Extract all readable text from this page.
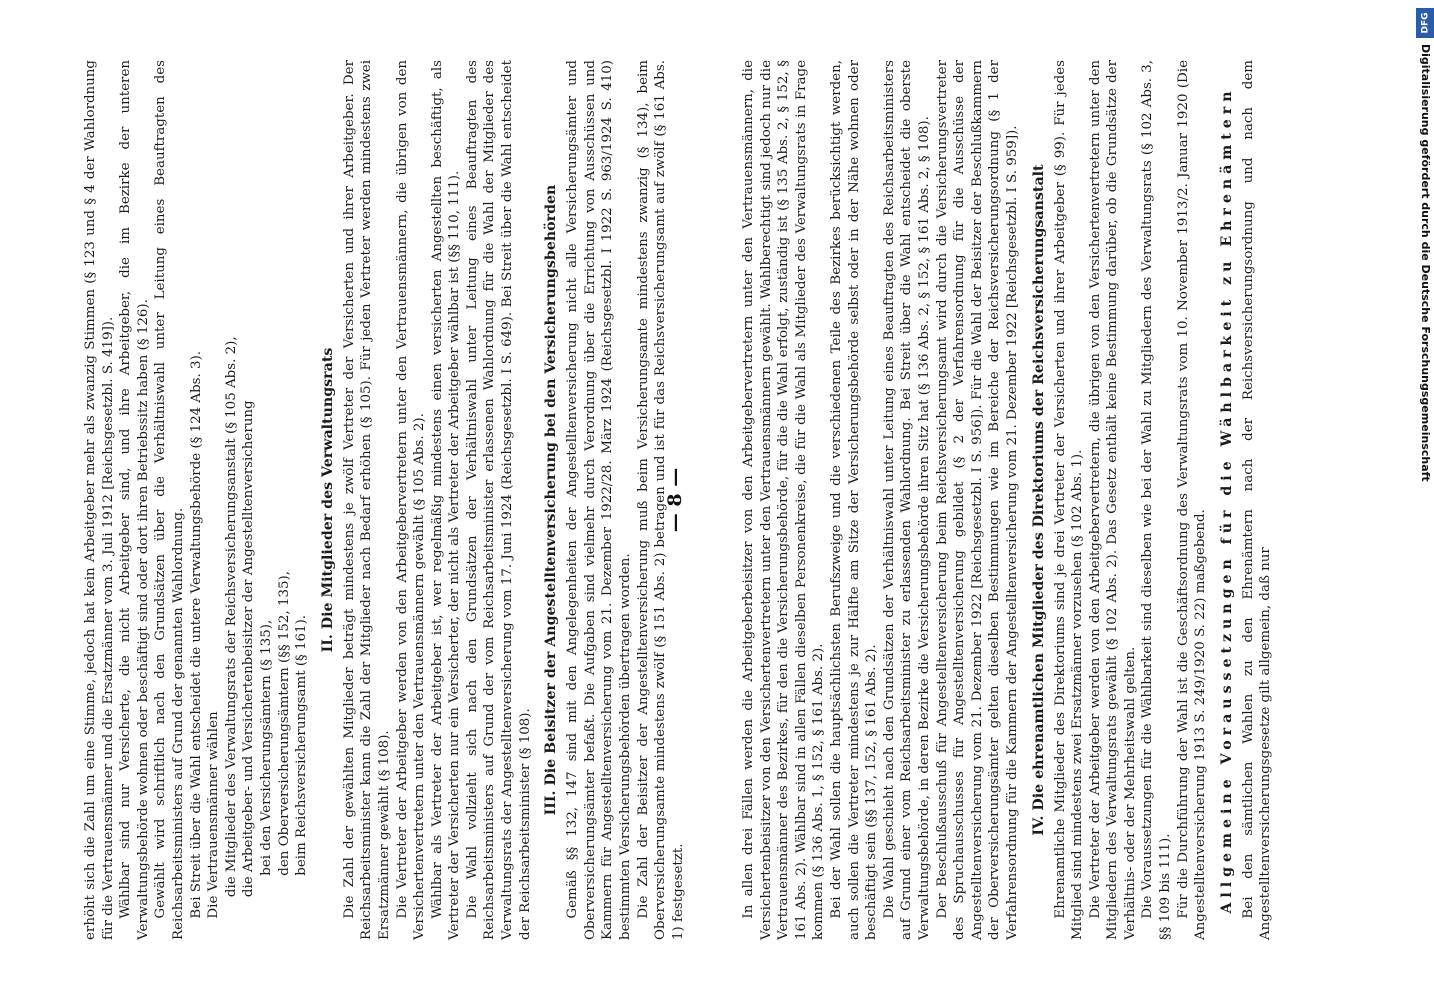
DFG
Digitalisierung gefördert durch die Deutsche Forschungsgemeinschaft

erhöht sich die Zahl um eine Stimme, jedoch hat kein Arbeitgeber mehr als zwanzig Stimmen (§ 123 und § 4 der Wahlordnung für die Vertrauensmänner und die Ersatzmänner vom 3. Juli 1912 [Reichsgesetzbl. S. 419]). Wählbar sind nur Versicherte, die nicht Arbeitgeber sind, und ihre Arbeitgeber, die im Bezirke der unteren Verwaltungsbehörde wohnen oder beschäftigt sind oder dort ihren Betriebssitz haben (§ 126). Gewählt wird schriftlich nach den Grundsätzen über die Verhältniswahl unter Leitung eines Beauftragten des Reichsarbeitsministers auf Grund der genannten Wahlordnung. Bei Streit über die Wahl entscheidet die untere Verwaltungsbehörde (§ 124 Abs. 3). Die Vertrauensmänner wählen die Mitglieder des Verwaltungsrats der Reichsversicherungsanstalt (§ 105 Abs. 2), die Arbeitgeber- und Versichertenbeisitzer der Angestelltenversicherung bei den Versicherungsämtern (§ 135), den Oberversicherungsämtern (§§ 152, 135), beim Reichsversicherungsamt (§ 161).

II. Die Mitglieder des Verwaltungsrats Die Zahl der gewählten Mitglieder beträgt mindestens je zwölf Vertreter der Versicherten und ihrer Arbeitgeber. Der Reichsarbeitsminister kann die Zahl der Mitglieder nach Bedarf erhöhen (§ 105). Für jeden Vertreter werden mindestens zwei Ersatzmänner gewählt (§ 108). Die Vertreter der Arbeitgeber werden von den Arbeitgebervertretern unter den Vertrauensmännern, die übrigen von den Versichertenvertretern unter den Vertrauensmännern gewählt (§ 105 Abs. 2). Wählbar als Vertreter der Arbeitgeber ist, wer regelmäßig mindestens einen versicherten Angestellten beschäftigt, als Vertreter der Versicherten nur ein Versicherter, der nicht als Vertreter der Arbeitgeber wählbar ist (§§ 110, 111). Die Wahl vollzieht sich nach den Grundsätzen der Verhältniswahl unter Leitung eines Beauftragten des Reichsarbeitsministers auf Grund der vom Reichsarbeitsminister erlassenen Wahlordnung für die Wahl der Mitglieder des Verwaltungsrats der Angestelltenversicherung vom 17. Juni 1924 (Reichsgesetzbl. I S. 649). Bei Streit über die Wahl entscheidet der Reichsarbeitsminister (§ 108).

III. Die Beisitzer der Angestelltenversicherung bei den Versicherungsbehörden Gemäß §§ 132, 147 sind mit den Angelegenheiten der Angestelltenversicherung nicht alle Versicherungsämter und Oberversicherungsämter befaßt. Die Aufgaben sind vielmehr durch Verordnung über die Errichtung von Ausschüssen und Kammern für Angestelltenversicherung vom 21. Dezember 1922/28. März 1924 (Reichsgesetzbl. I 1922 S. 963/1924 S. 410) bestimmten Versicherungsbehörden übertragen worden. Die Zahl der Beisitzer der Angestelltenversicherung muß beim Versicherungsamte mindestens zwanzig (§ 134), beim Oberversicherungsamte mindestens zwölf (§ 151 Abs. 2) betragen und ist für das Reichsversicherungsamt auf zwölf (§ 161 Abs. 1) festgesetzt.

— 8 —	In allen drei Fällen werden die Arbeitgeberbeisitzer von den Arbeitgebervertretern unter den Vertrauensmännern, die Versichertenbeisitzer von den Versichertenvertretern unter den Vertrauensmännern gewählt. Wahlberechtigt sind jedoch nur die Vertrauensmänner des Bezirkes, für den die Versicherungsbehörde, für die die Wahl erfolgt, zuständig ist (§ 135 Abs. 2, § 152, § 161 Abs. 2). Wählbar sind in allen Fällen dieselben Personenkreise, die für die Wahl als Mitglieder des Verwaltungsrats in Frage kommen (§ 136 Abs. 1, § 152, § 161 Abs. 2). Bei der Wahl sollen die hauptsächlichsten Berufszweige und die verschiedenen Teile des Bezirkes berücksichtigt werden, auch sollen die Vertreter mindestens je zur Hälfte am Sitze der Versicherungsbehörde selbst oder in der Nähe wohnen oder beschäftigt sein (§§ 137, 152, § 161 Abs. 2). Die Wahl geschieht nach den Grundsätzen der Verhältniswahl unter Leitung eines Beauftragten des Reichsarbeitsministers auf Grund einer vom Reichsarbeitsminister zu erlassenden Wahlordnung. Bei Streit über die Wahl entscheidet die oberste Verwaltungsbehörde, in deren Bezirke die Versicherungsbehörde ihren Sitz hat (§ 136 Abs. 2, § 152, § 161 Abs. 2, § 108). Der Beschlußausschuß für Angestelltenversicherung beim Reichsversicherungsamt wird durch die Versicherungsvertreter des Spruchausschusses für Angestelltenversicherung gebildet (§ 2 der Verfahrensordnung für die Ausschüsse der Angestelltenversicherung vom 21. Dezember 1922 [Reichsgesetzbl. I S. 956]). Für die Wahl der Beisitzer der Beschlußkammern der Oberversicherungsämter gelten dieselben Bestimmungen wie im Bereiche der Reichsversicherungsordnung (§ 1 der Verfahrensordnung für die Kammern der Angestelltenversicherung vom 21. Dezember 1922 [Reichsgesetzbl. I S. 959]). IV. Die ehrenamtlichen Mitglieder des Direktoriums der Reichsversicherungsanstalt Ehrenamtliche Mitglieder des Direktoriums sind je drei Vertreter der Versicherten und ihrer Arbeitgeber (§ 99). Für jedes Mitglied sind mindestens zwei Ersatzmänner vorzusehen (§ 102 Abs. 1). Die Vertreter der Arbeitgeber werden von den Arbeitgebervertretern, die übrigen von den Versichertenvertretern unter den Mitgliedern des Verwaltungsrats gewählt (§ 102 Abs. 2). Das Gesetz enthält keine Bestimmung darüber, ob die Grundsätze der Verhältnis- oder der Mehrheitswahl gelten. Die Voraussetzungen für die Wählbarkeit sind dieselben wie bei der Wahl zu Mitgliedern des Verwaltungsrats (§ 102 Abs. 3, §§ 109 bis 111). Für die Durchführung der Wahl ist die Geschäftsordnung des Verwaltungsrats vom 10. November 1913/2. Januar 1920 (Die Angestelltenversicherung 1913 S. 249/1920 S. 22) maßgebend. Allgemeine Voraussetzungen für die Wählbarkeit zu Ehrenämtern Bei den sämtlichen Wahlen zu den Ehrenämtern nach der Reichsversicherungsordnung und nach dem Angestelltenversicherungsgesetze gilt allgemein, daß nur
